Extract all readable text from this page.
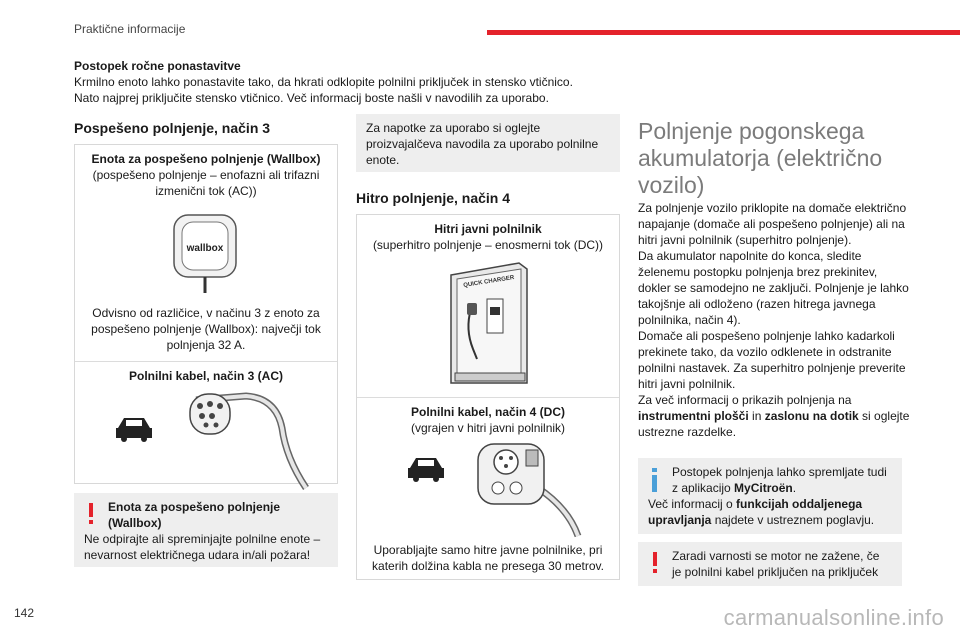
Praktične informacije
142
Postopek ročne ponastavitve
Krmilno enoto lahko ponastavite tako, da hkrati odklopite polnilni priključek in stensko vtičnico.
Nato najprej priključite stensko vtičnico. Več informacij boste našli v navodilih za uporabo.
Pospešeno polnjenje, način 3
Enota za pospešeno polnjenje (Wallbox)
(pospešeno polnjenje – enofazni ali trifazni izmenični tok (AC))
wallbox
Odvisno od različice, v načinu 3 z enoto za pospešeno polnjenje (Wallbox): največji tok polnjenja 32 A.
Polnilni kabel, način 3 (AC)
Enota za pospešeno polnjenje
(Wallbox)
Ne odpirajte ali spreminjajte polnilne enote – nevarnost električnega udara in/ali požara!
Za napotke za uporabo si oglejte proizvajalčeva navodila za uporabo polnilne enote.
Hitro polnjenje, način 4
Hitri javni polnilnik
(superhitro polnjenje – enosmerni tok (DC))
QUICK CHARGER
Polnilni kabel, način 4 (DC)
(vgrajen v hitri javni polnilnik)
Uporabljajte samo hitre javne polnilnike, pri katerih dolžina kabla ne presega 30 metrov.
Polnjenje pogonskega akumulatorja (električno vozilo)
Za polnjenje vozilo priklopite na domače električno napajanje (domače ali pospešeno polnjenje) ali na hitri javni polnilnik (superhitro polnjenje).
Da akumulator napolnite do konca, sledite želenemu postopku polnjenja brez prekinitev, dokler se samodejno ne zaključi. Polnjenje je lahko takojšnje ali odloženo (razen hitrega javnega polnilnika, način 4).
Domače ali pospešeno polnjenje lahko kadarkoli prekinete tako, da vozilo odklenete in odstranite polnilni nastavek. Za superhitro polnjenje preverite hitri javni polnilnik.
Za več informacij o prikazih polnjenja na instrumentni plošči in zaslonu na dotik si oglejte ustrezne razdelke.
Postopek polnjenja lahko spremljate tudi z aplikacijo MyCitroën.
Več informacij o funkcijah oddaljenega upravljanja najdete v ustreznem poglavju.
Zaradi varnosti se motor ne zažene, če je polnilni kabel priključen na priključek
carmanualsonline.info
